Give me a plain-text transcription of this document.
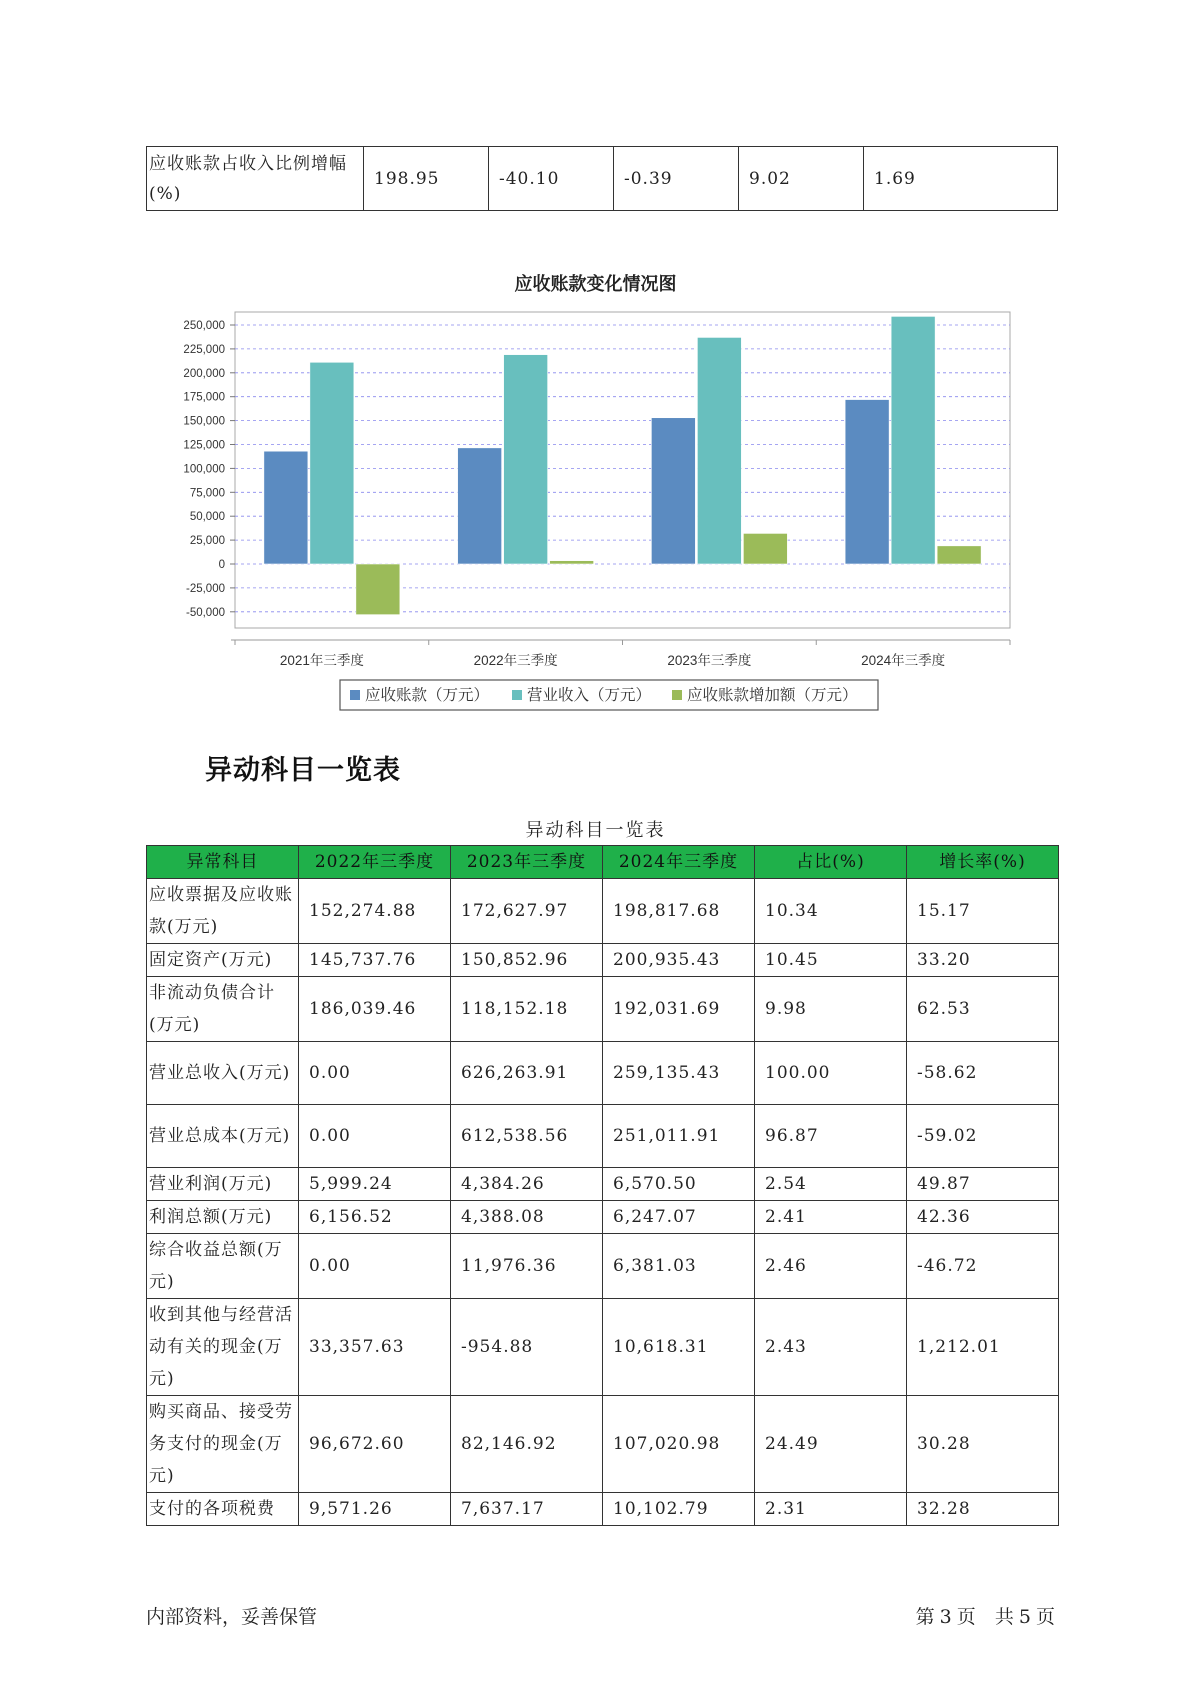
应收账款占收入比例增幅(%)	198.95	-40.10	-0.39	9.02	1.69
应收账款变化情况图
250,000
225,000
200,000
175,000
150,000
125,000
100,000
75,000
50,000
25,000
0
-25,000
-50,000
2021年三季度	2022年三季度	2023年三季度	2024年三季度
应收账款（万元） 营业收入（万元） 应收账款增加额（万元）
异动科目一览表
异动科目一览表
异常科目	2022年三季度	2023年三季度	2024年三季度	占比(%)	增长率(%)
应收票据及应收账款(万元)	152,274.88	172,627.97	198,817.68	10.34	15.17
固定资产(万元)	145,737.76	150,852.96	200,935.43	10.45	33.20
非流动负债合计(万元)	186,039.46	118,152.18	192,031.69	9.98	62.53
营业总收入(万元)	0.00	626,263.91	259,135.43	100.00	-58.62
营业总成本(万元)	0.00	612,538.56	251,011.91	96.87	-59.02
营业利润(万元)	5,999.24	4,384.26	6,570.50	2.54	49.87
利润总额(万元)	6,156.52	4,388.08	6,247.07	2.41	42.36
综合收益总额(万元)	0.00	11,976.36	6,381.03	2.46	-46.72
收到其他与经营活动有关的现金(万元)	33,357.63	-954.88	10,618.31	2.43	1,212.01
购买商品、接受劳务支付的现金(万元)	96,672.60	82,146.92	107,020.98	24.49	30.28
支付的各项税费	9,571.26	7,637.17	10,102.79	2.31	32.28
内部资料，妥善保管	第 3 页 共 5 页
